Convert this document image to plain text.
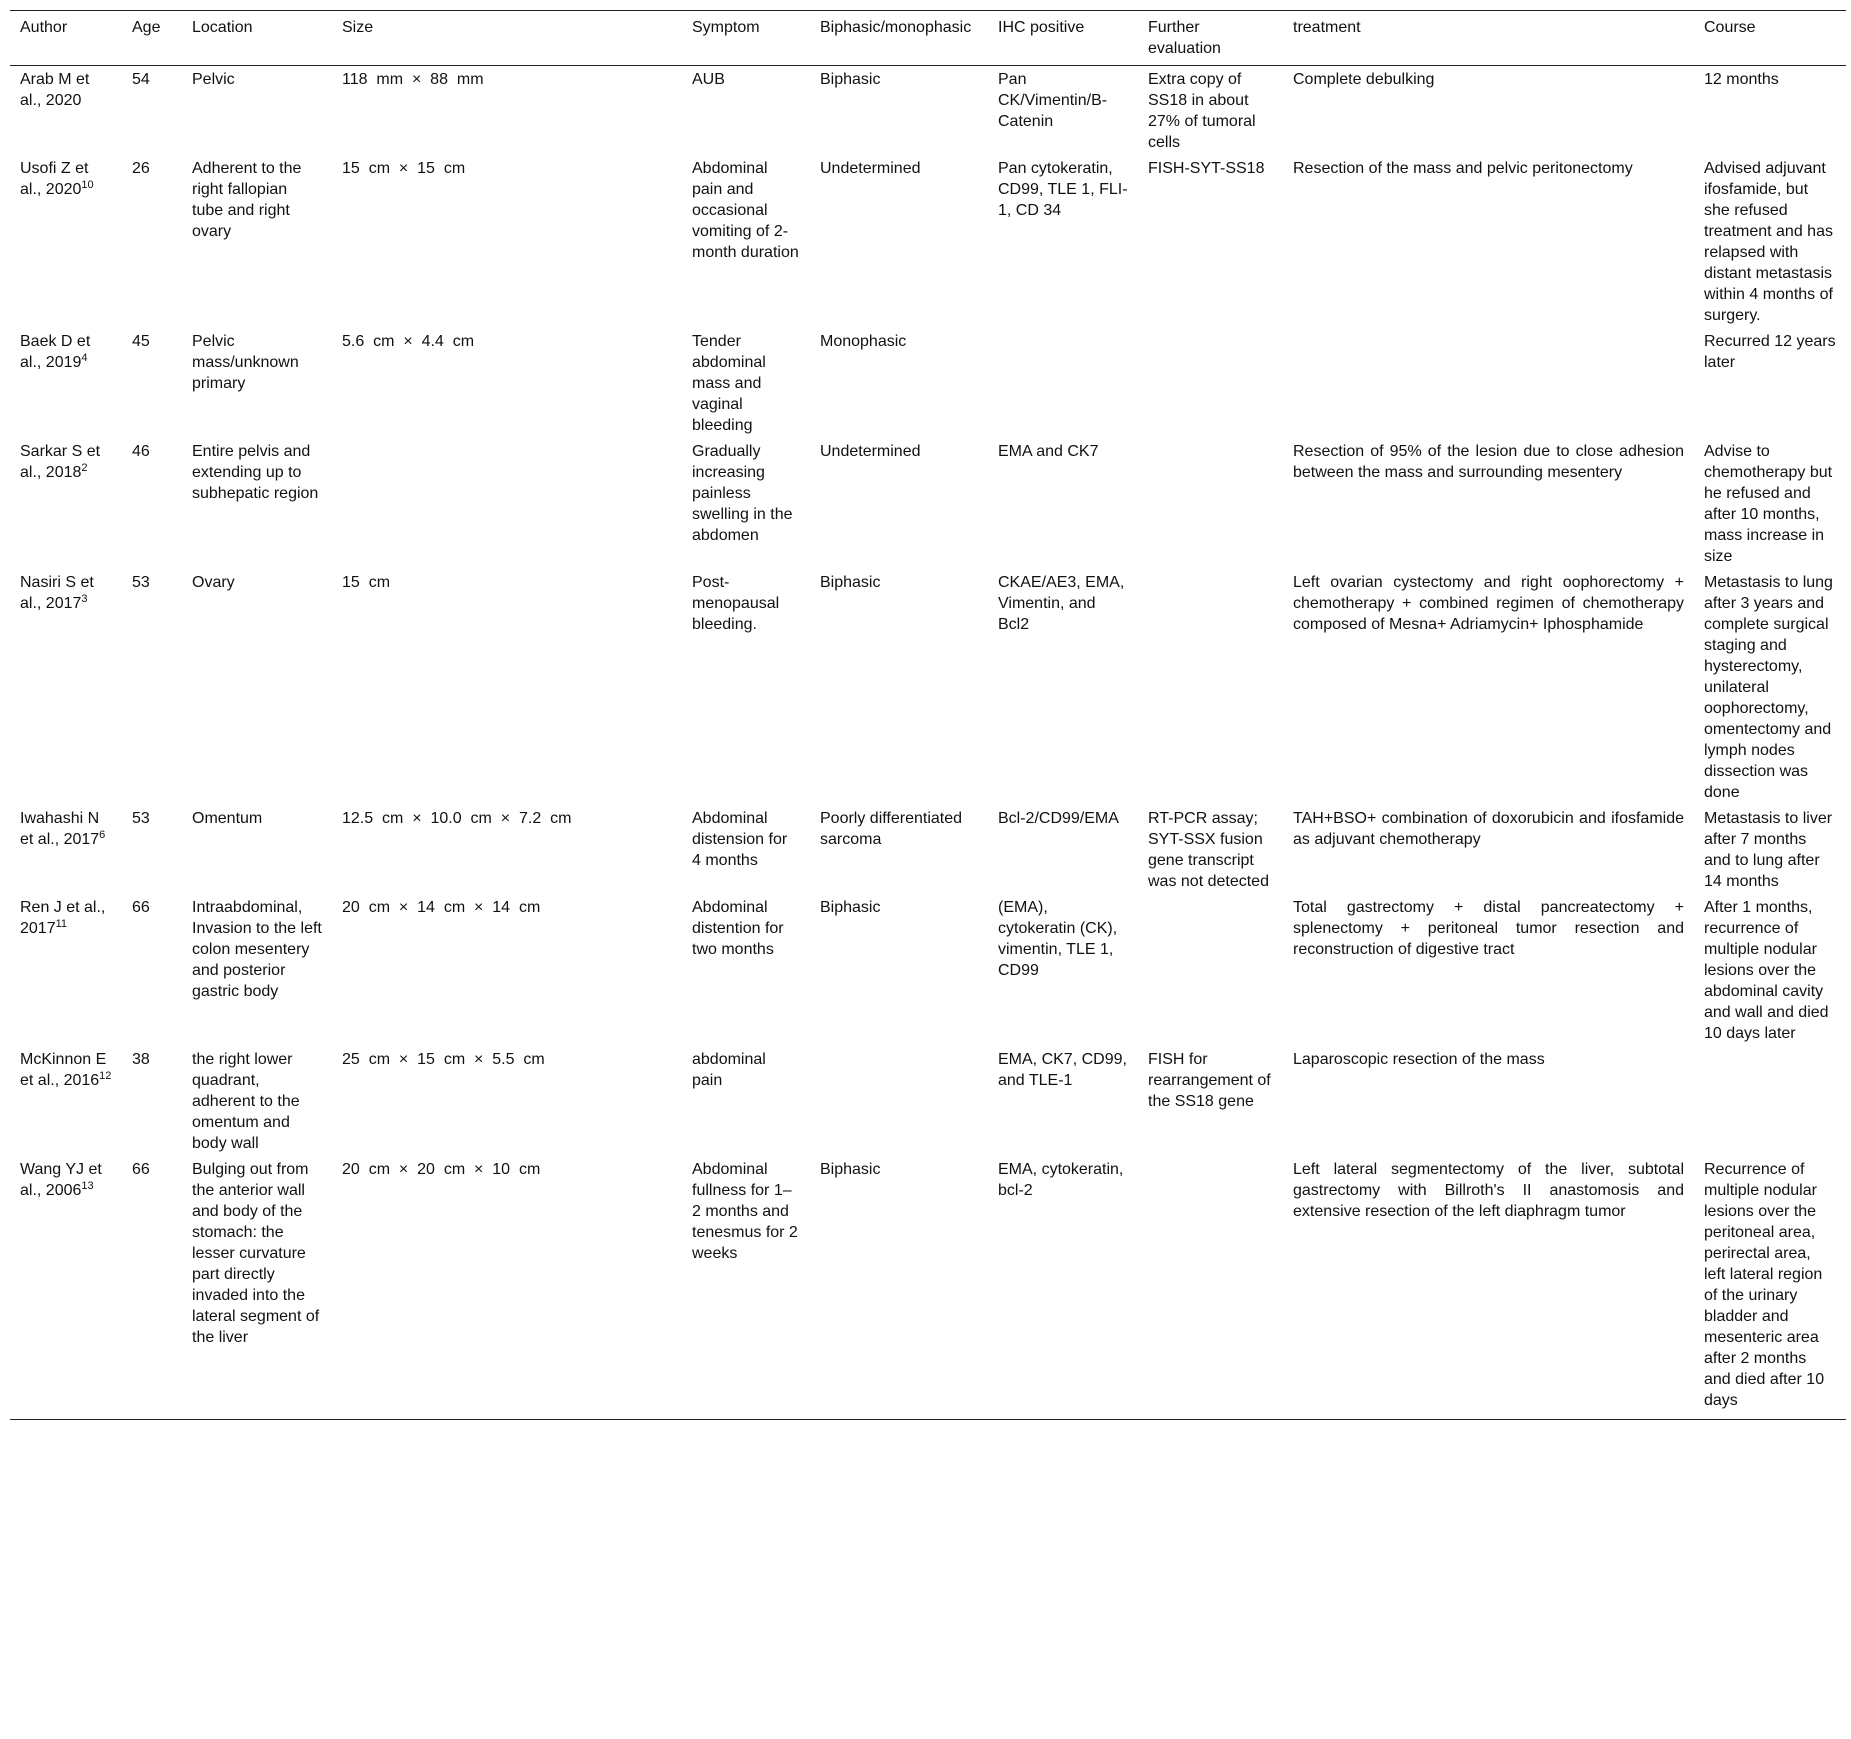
Author	Age	Location	Size	Symptom	Biphasic/monophasic	IHC positive	Further evaluation	treatment	Course
Arab M et al., 2020	54	Pelvic	118  mm  ×  88  mm	AUB	Biphasic	Pan CK/Vimentin/B-Catenin	Extra copy of SS18 in about 27% of tumoral cells	Complete debulking	12 months
Usofi Z et al., 2020$^{10}$	26	Adherent to the right fallopian tube and right ovary	15  cm  ×  15  cm	Abdominal pain and occasional vomiting of 2-month duration	Undetermined	Pan cytokeratin, CD99, TLE 1, FLI-1, CD 34	FISH-SYT-SS18	Resection of the mass and pelvic peritonectomy	Advised adjuvant ifosfamide, but she refused treatment and has relapsed with distant metastasis within 4 months of surgery.
Baek D et al., 2019$^4$	45	Pelvic mass/unknown primary	5.6  cm  ×  4.4  cm	Tender abdominal mass and vaginal bleeding	Monophasic				Recurred 12 years later
Sarkar S et al., 2018$^2$	46	Entire pelvis and extending up to subhepatic region		Gradually increasing painless swelling in the abdomen	Undetermined	EMA and CK7		Resection of 95% of the lesion due to close adhesion between the mass and surrounding mesentery	Advise to chemotherapy but he refused and after 10 months, mass increase in size
Nasiri S et al., 2017$^3$	53	Ovary	15  cm	Post-menopausal bleeding.	Biphasic	CKAE/AE3, EMA, Vimentin, and Bcl2		Left ovarian cystectomy and right oophorectomy + chemotherapy + combined regimen of chemotherapy composed of Mesna+ Adriamycin+ Iphosphamide	Metastasis to lung after 3 years and complete surgical staging and hysterectomy, unilateral oophorectomy, omentectomy and lymph nodes dissection was done
Iwahashi N et al., 2017$^6$	53	Omentum	12.5  cm  ×  10.0  cm  ×  7.2  cm	Abdominal distension for 4 months	Poorly differentiated sarcoma	Bcl-2/CD99/EMA	RT-PCR assay; SYT-SSX fusion gene transcript was not detected	TAH+BSO+ combination of doxorubicin and ifosfamide as adjuvant chemotherapy	Metastasis to liver after 7 months and to lung after 14 months
Ren J et al., 2017$^{11}$	66	Intraabdominal, Invasion to the left colon mesentery and posterior gastric body	20  cm  ×  14  cm  ×  14  cm	Abdominal distention for two months	Biphasic	(EMA), cytokeratin (CK), vimentin, TLE 1, CD99		Total gastrectomy + distal pancreatectomy + splenectomy + peritoneal tumor resection and reconstruction of digestive tract	After 1 months, recurrence of multiple nodular lesions over the abdominal cavity and wall and died 10 days later
McKinnon E et al., 2016$^{12}$	38	the right lower quadrant, adherent to the omentum and body wall	25  cm  ×  15  cm  ×  5.5  cm	abdominal pain		EMA, CK7, CD99, and TLE-1	FISH for rearrangement of the SS18 gene	Laparoscopic resection of the mass	
Wang YJ et al., 2006$^{13}$	66	Bulging out from the anterior wall and body of the stomach: the lesser curvature part directly invaded into the lateral segment of the liver	20  cm  ×  20  cm  ×  10  cm	Abdominal fullness for 1–2 months and tenesmus for 2 weeks	Biphasic	EMA, cytokeratin, bcl-2		Left lateral segmentectomy of the liver, subtotal gastrectomy with Billroth's II anastomosis and extensive resection of the left diaphragm tumor	Recurrence of multiple nodular lesions over the peritoneal area, perirectal area, left lateral region of the urinary bladder and mesenteric area after 2 months and died after 10 days
